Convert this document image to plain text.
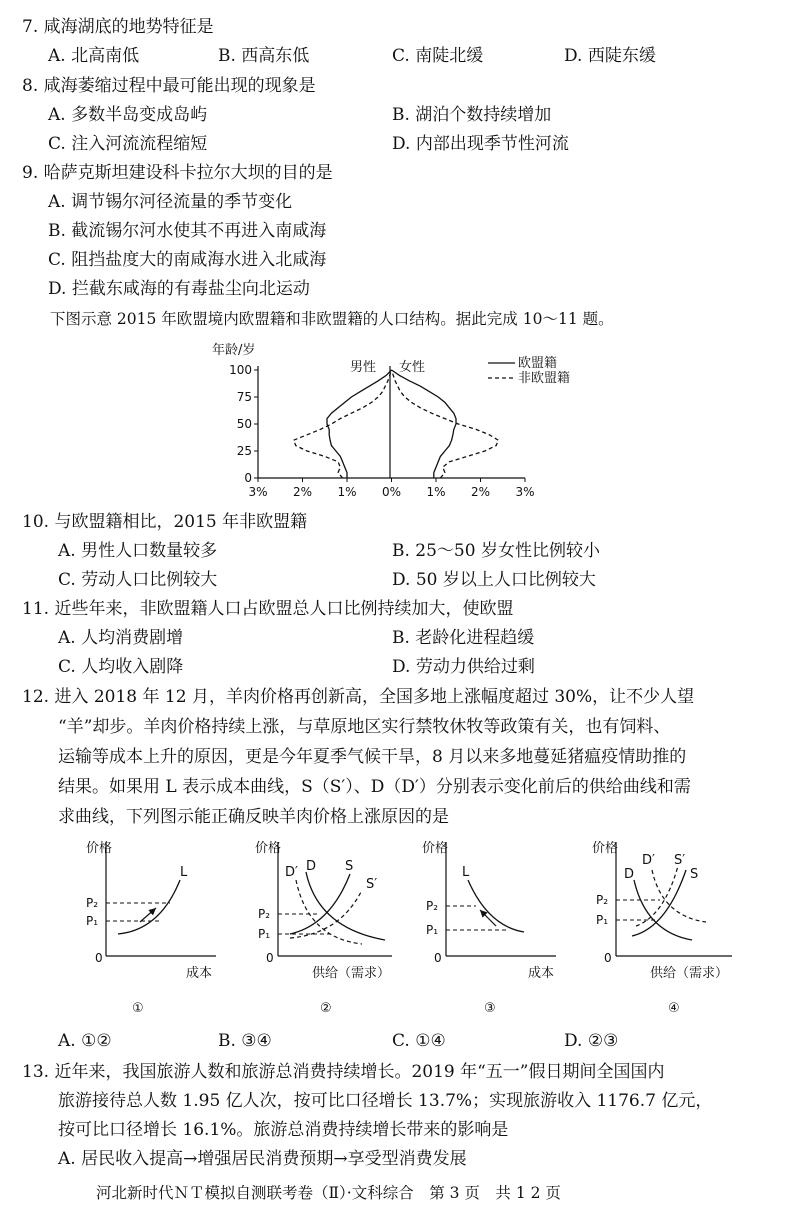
7. 咸海湖底的地势特征是
A. 北高南低	B. 西高东低	C. 南陡北缓	D. 西陡东缓
8. 咸海萎缩过程中最可能出现的现象是
A. 多数半岛变成岛屿	B. 湖泊个数持续增加
C. 注入河流流程缩短	D. 内部出现季节性河流
9. 哈萨克斯坦建设科卡拉尔大坝的目的是
A. 调节锡尔河径流量的季节变化
B. 截流锡尔河水使其不再进入南咸海
C. 阻挡盐度大的南咸海水进入北咸海
D. 拦截东咸海的有毒盐尘向北运动
下图示意 2015 年欧盟境内欧盟籍和非欧盟籍的人口结构。据此完成 10～11 题。
年龄/岁
100
75
50
25
0
3% 2% 1% 0% 1% 2% 3%
男性 女性	欧盟籍
非欧盟籍
10. 与欧盟籍相比，2015 年非欧盟籍
A. 男性人口数量较多	B. 25～50 岁女性比例较小
C. 劳动人口比例较大	D. 50 岁以上人口比例较大
11. 近些年来，非欧盟籍人口占欧盟总人口比例持续加大，使欧盟
A. 人均消费剧增	B. 老龄化进程趋缓
C. 人均收入剧降	D. 劳动力供给过剩
12. 进入 2018 年 12 月，羊肉价格再创新高，全国多地上涨幅度超过 30%，让不少人望
“羊”却步。羊肉价格持续上涨，与草原地区实行禁牧休牧等政策有关，也有饲料、
运输等成本上升的原因，更是今年夏季气候干旱，8 月以来多地蔓延猪瘟疫情助推的
结果。如果用 L 表示成本曲线，S（S′）、D（D′）分别表示变化前后的供给曲线和需
求曲线，下列图示能正确反映羊肉价格上涨原因的是
价格
0
成本
L
P₂
P₁
①
价格
0
供给（需求）
D′ D S
S′
P₂
P₁
②
价格
0
成本
L
P₂
P₁
③
价格
0
供给（需求）
D
D′ S′
S
P₂
P₁
④
A. ①②	B. ③④	C. ①④	D. ②③
13. 近年来，我国旅游人数和旅游总消费持续增长。2019 年“五一”假日期间全国国内
旅游接待总人数 1.95 亿人次，按可比口径增长 13.7%；实现旅游收入 1176.7 亿元，
按可比口径增长 16.1%。旅游总消费持续增长带来的影响是
A. 居民收入提高→增强居民消费预期→享受型消费发展
河北新时代ＮＴ模拟自测联考卷（Ⅱ）·文科综合　第 3 页　共 1 2 页
